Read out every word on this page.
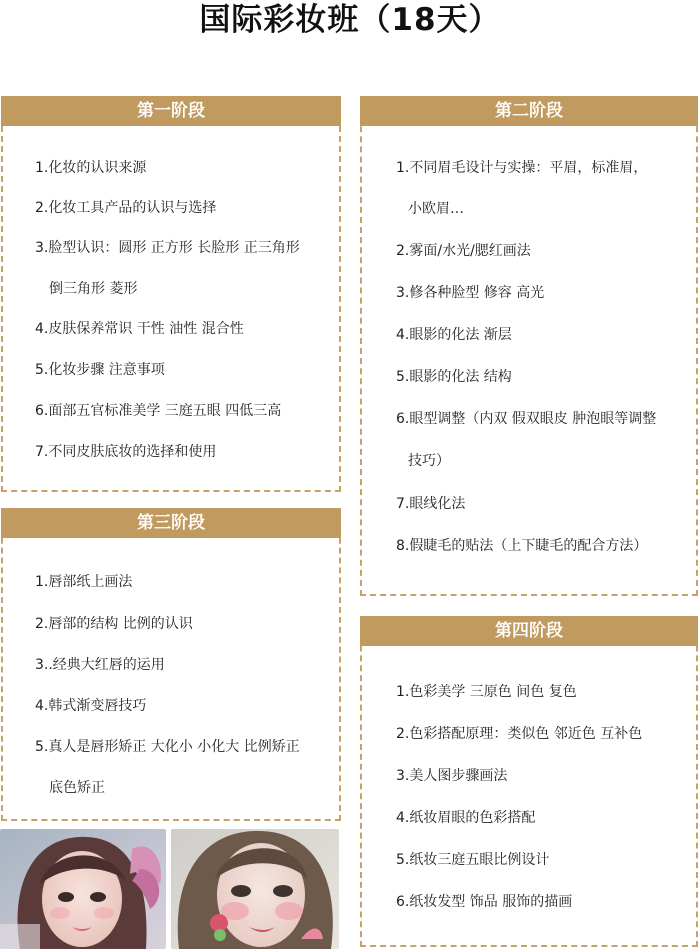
国际彩妆班（18天）
第一阶段
1.化妆的认识来源
2.化妆工具产品的认识与选择
3.脸型认识：圆形 正方形 长脸形 正三角形
倒三角形 菱形
4.皮肤保养常识 干性 油性 混合性
5.化妆步骤 注意事项
6.面部五官标准美学 三庭五眼 四低三高
7.不同皮肤底妆的选择和使用
第二阶段
1.不同眉毛设计与实操：平眉，标准眉，
小欧眉…
2.雾面/水光/腮红画法
3.修各种脸型 修容 高光
4.眼影的化法 渐层
5.眼影的化法 结构
6.眼型调整（内双 假双眼皮 肿泡眼等调整
技巧）
7.眼线化法
8.假睫毛的贴法（上下睫毛的配合方法）
第三阶段
1.唇部纸上画法
2.唇部的结构 比例的认识
3..经典大红唇的运用
4.韩式渐变唇技巧
5.真人是唇形矫正 大化小 小化大 比例矫正
底色矫正
第四阶段
1.色彩美学 三原色 间色 复色
2.色彩搭配原理：类似色 邻近色 互补色
3.美人图步骤画法
4.纸妆眉眼的色彩搭配
5.纸妆三庭五眼比例设计
6.纸妆发型 饰品 服饰的描画
